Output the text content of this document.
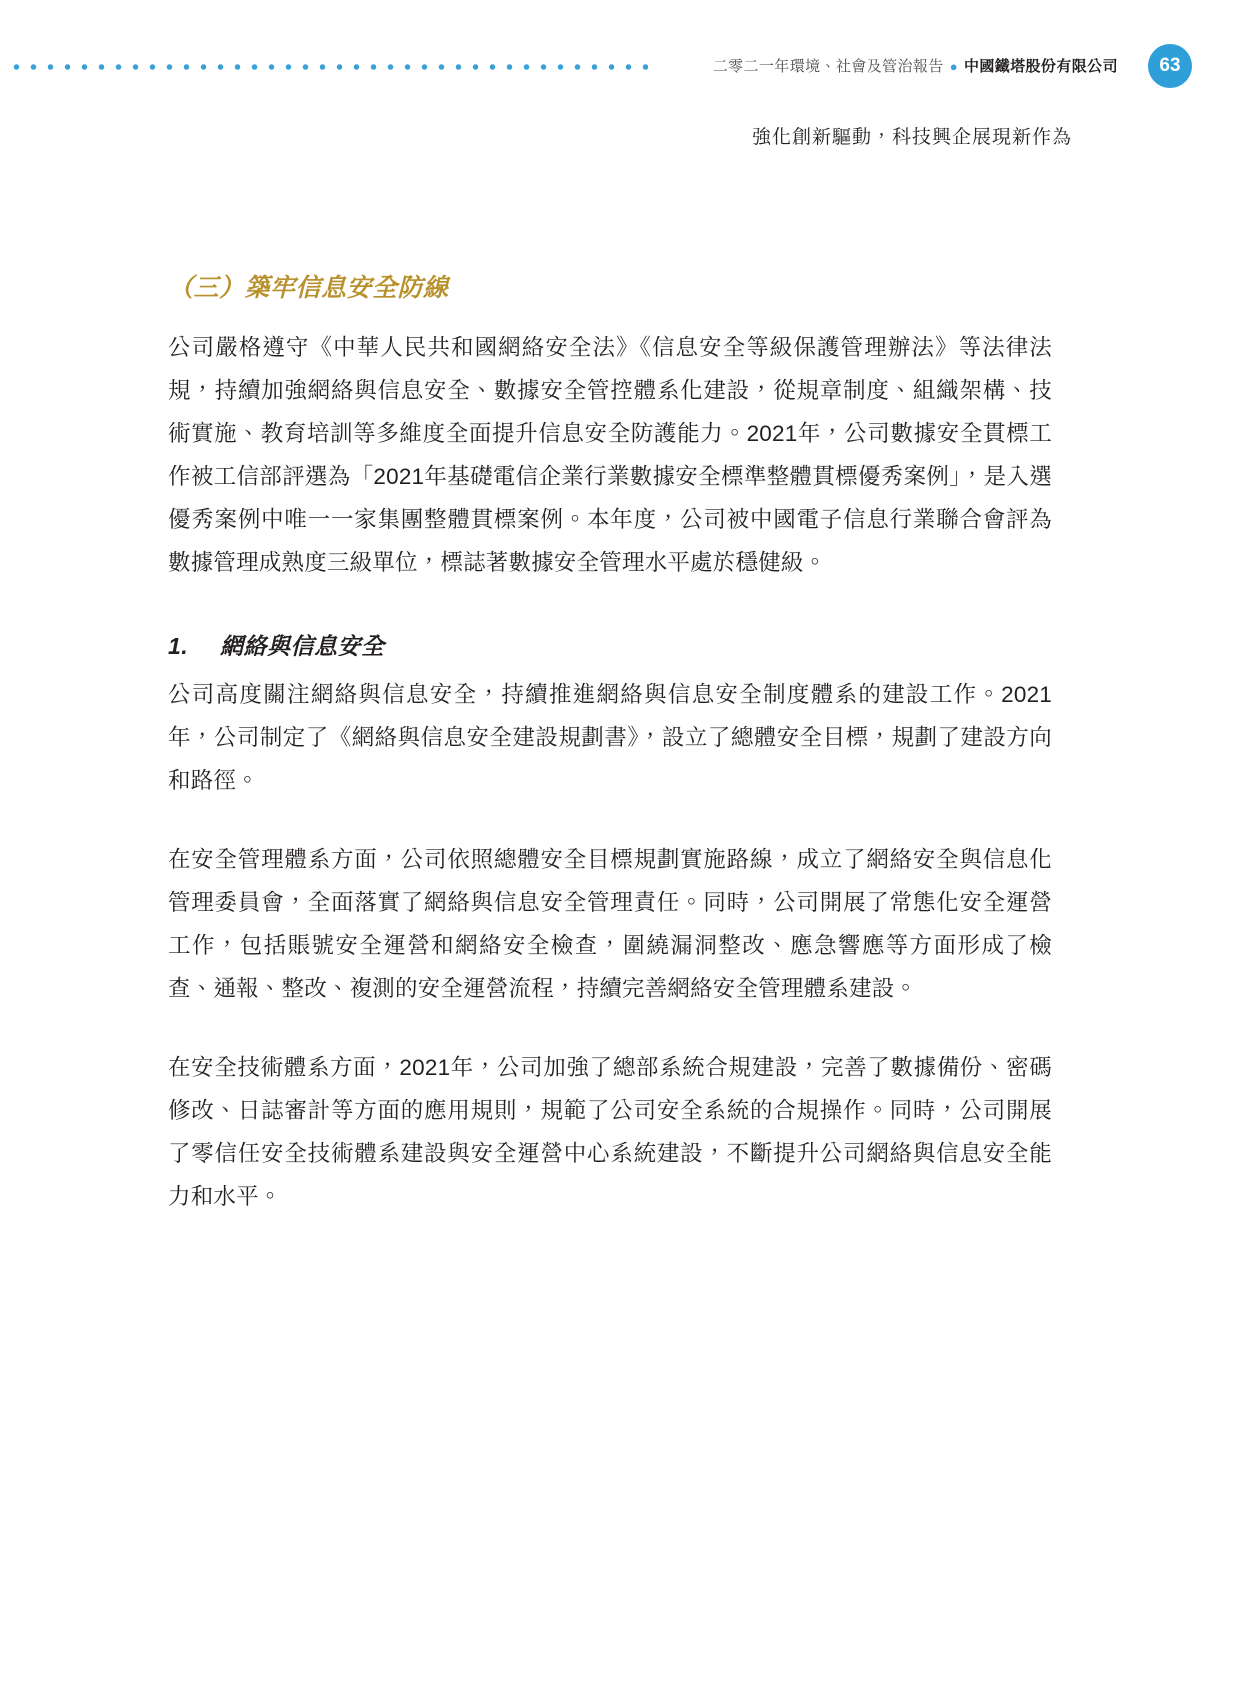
二零二一年環境、社會及管治報告 ● 中國鐵塔股份有限公司	63
強化創新驅動，科技興企展現新作為
（三）築牢信息安全防線

公司嚴格遵守《中華人民共和國網絡安全法》《信息安全等級保護管理辦法》等法律法規，持續加強網絡與信息安全、數據安全管控體系化建設，從規章制度、組織架構、技術實施、教育培訓等多維度全面提升信息安全防護能力。2021年，公司數據安全貫標工作被工信部評選為「2021年基礎電信企業行業數據安全標準整體貫標優秀案例」，是入選優秀案例中唯一一家集團整體貫標案例。本年度，公司被中國電子信息行業聯合會評為數據管理成熟度三級單位，標誌著數據安全管理水平處於穩健級。

1. 網絡與信息安全

公司高度關注網絡與信息安全，持續推進網絡與信息安全制度體系的建設工作。2021年，公司制定了《網絡與信息安全建設規劃書》，設立了總體安全目標，規劃了建設方向和路徑。

在安全管理體系方面，公司依照總體安全目標規劃實施路線，成立了網絡安全與信息化管理委員會，全面落實了網絡與信息安全管理責任。同時，公司開展了常態化安全運營工作，包括賬號安全運營和網絡安全檢查，圍繞漏洞整改、應急響應等方面形成了檢查、通報、整改、複測的安全運營流程，持續完善網絡安全管理體系建設。

在安全技術體系方面，2021年，公司加強了總部系統合規建設，完善了數據備份、密碼修改、日誌審計等方面的應用規則，規範了公司安全系統的合規操作。同時，公司開展了零信任安全技術體系建設與安全運營中心系統建設，不斷提升公司網絡與信息安全能力和水平。
